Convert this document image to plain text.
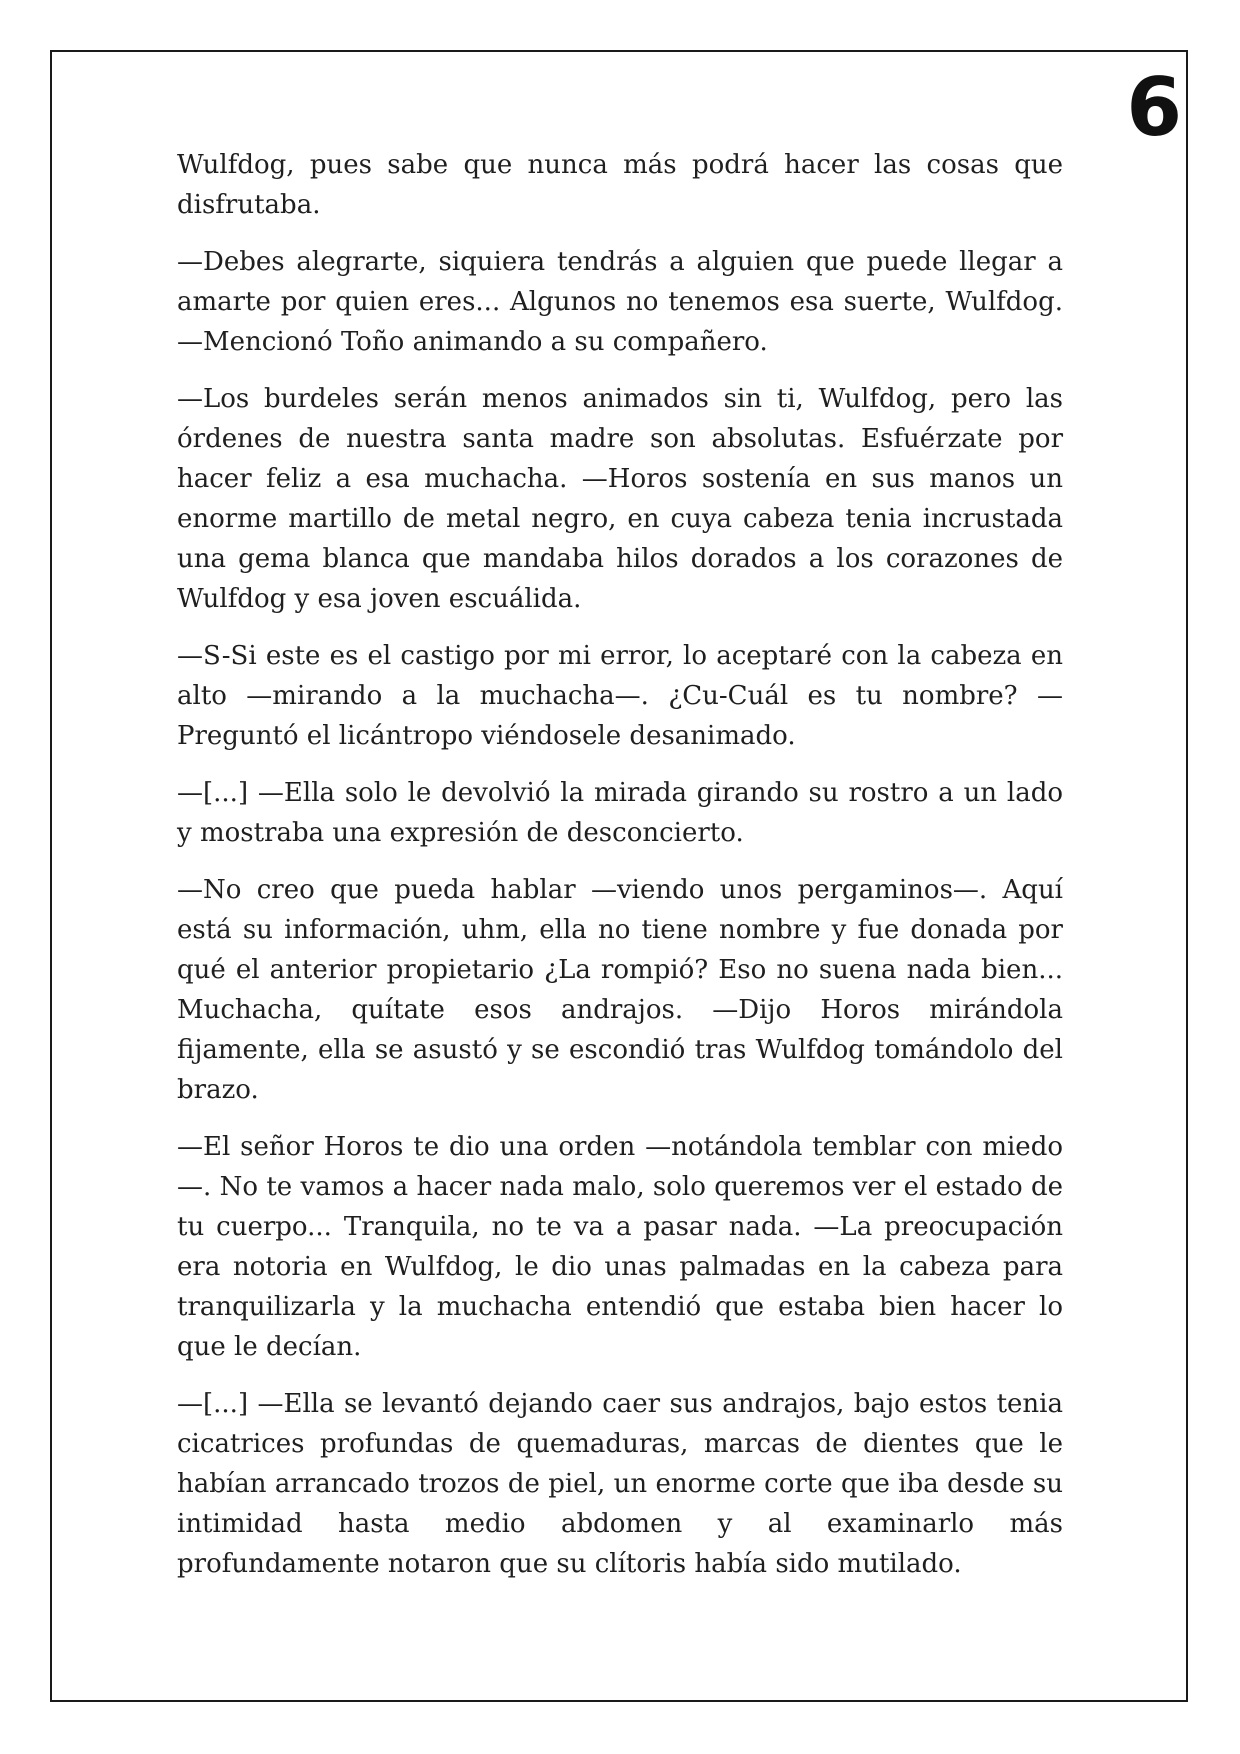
6

Wulfdog, pues sabe que nunca más podrá hacer las cosas que disfrutaba.

—Debes alegrarte, siquiera tendrás a alguien que puede llegar a amarte por quien eres... Algunos no tenemos esa suerte, Wulfdog. —Mencionó Toño animando a su compañero.

—Los burdeles serán menos animados sin ti, Wulfdog, pero las órdenes de nuestra santa madre son absolutas. Esfuérzate por hacer feliz a esa muchacha. —Horos sostenía en sus manos un enorme martillo de metal negro, en cuya cabeza tenia incrustada una gema blanca que mandaba hilos dorados a los corazones de Wulfdog y esa joven escuálida.

—S-Si este es el castigo por mi error, lo aceptaré con la cabeza en alto —mirando a la muchacha—. ¿Cu-Cuál es tu nombre? —Preguntó el licántropo viéndosele desanimado.

—[...] —Ella solo le devolvió la mirada girando su rostro a un lado y mostraba una expresión de desconcierto.

—No creo que pueda hablar —viendo unos pergaminos—. Aquí está su información, uhm, ella no tiene nombre y fue donada por qué el anterior propietario ¿La rompió? Eso no suena nada bien... Muchacha, quítate esos andrajos. —Dijo Horos mirándola fijamente, ella se asustó y se escondió tras Wulfdog tomándolo del brazo.

—El señor Horos te dio una orden —notándola temblar con miedo—. No te vamos a hacer nada malo, solo queremos ver el estado de tu cuerpo... Tranquila, no te va a pasar nada. —La preocupación era notoria en Wulfdog, le dio unas palmadas en la cabeza para tranquilizarla y la muchacha entendió que estaba bien hacer lo que le decían.

—[...] —Ella se levantó dejando caer sus andrajos, bajo estos tenia cicatrices profundas de quemaduras, marcas de dientes que le habían arrancado trozos de piel, un enorme corte que iba desde su intimidad hasta medio abdomen y al examinarlo más profundamente notaron que su clítoris había sido mutilado.
